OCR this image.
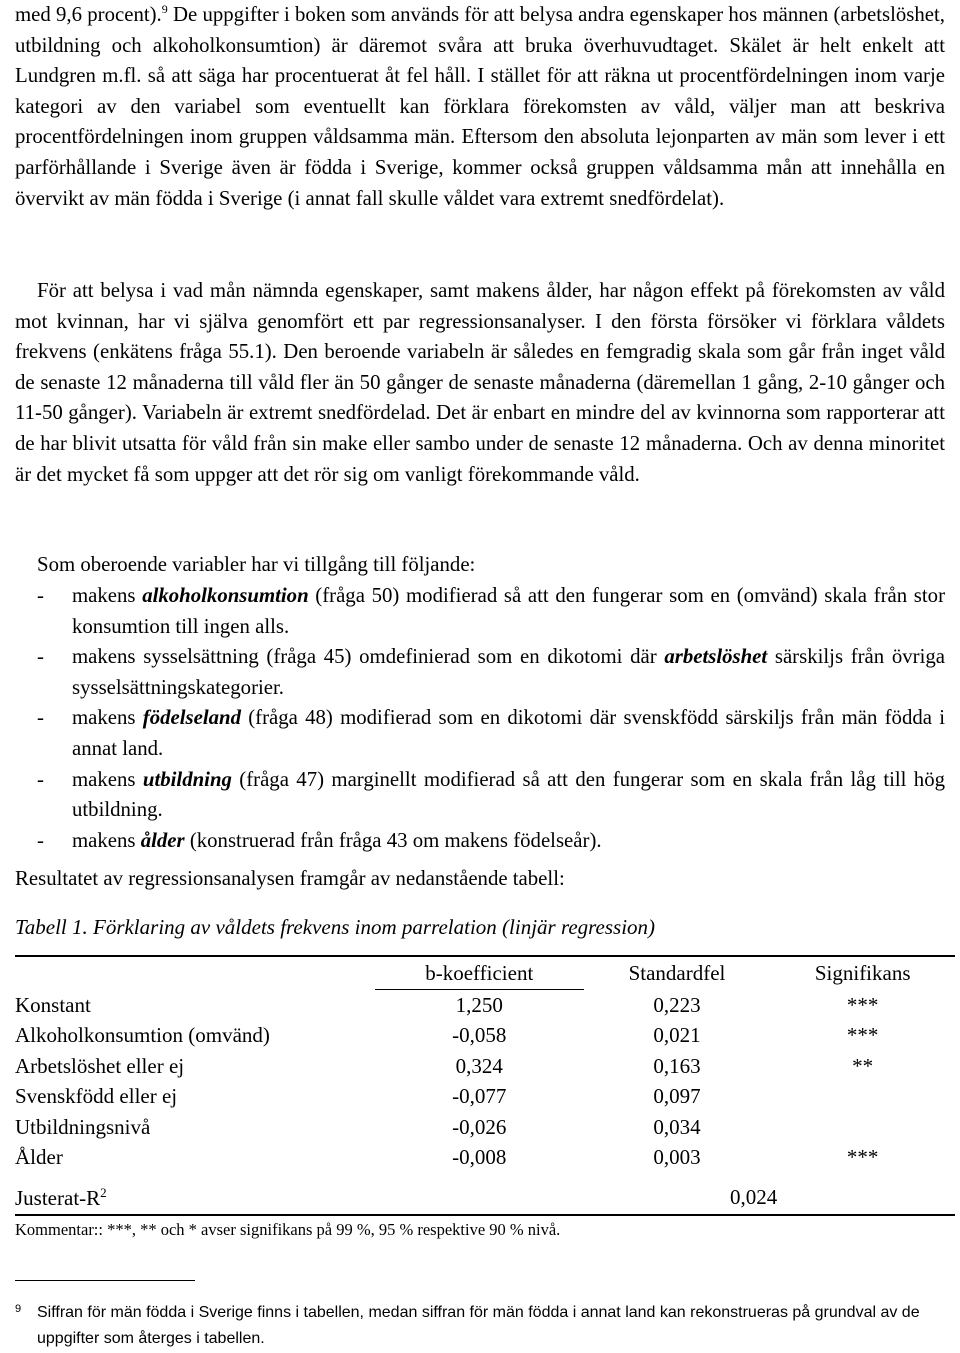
med 9,6 procent).$^9$ De uppgifter i boken som används för att belysa andra egenskaper hos männen (arbetslöshet, utbildning och alkoholkonsumtion) är däremot svåra att bruka överhuvudtaget. Skälet är helt enkelt att Lundgren m.fl. så att säga har procentuerat åt fel håll. I stället för att räkna ut procentfördelningen inom varje kategori av den variabel som eventuellt kan förklara förekomsten av våld, väljer man att beskriva procentfördelningen inom gruppen våldsamma män. Eftersom den absoluta lejonparten av män som lever i ett parförhållande i Sverige även är födda i Sverige, kommer också gruppen våldsamma mån att innehålla en övervikt av män födda i Sverige (i annat fall skulle våldet vara extremt snedfördelat).

För att belysa i vad mån nämnda egenskaper, samt makens ålder, har någon effekt på förekomsten av våld mot kvinnan, har vi själva genomfört ett par regressionsanalyser. I den första försöker vi förklara våldets frekvens (enkätens fråga 55.1). Den beroende variabeln är således en femgradig skala som går från inget våld de senaste 12 månaderna till våld fler än 50 gånger de senaste månaderna (däremellan 1 gång, 2-10 gånger och 11-50 gånger). Variabeln är extremt snedfördelad. Det är enbart en mindre del av kvinnorna som rapporterar att de har blivit utsatta för våld från sin make eller sambo under de senaste 12 månaderna. Och av denna minoritet är det mycket få som uppger att det rör sig om vanligt förekommande våld.

Som oberoende variabler har vi tillgång till följande:

- makens alkoholkonsumtion (fråga 50) modifierad så att den fungerar som en (omvänd) skala från stor konsumtion till ingen alls.
- makens sysselsättning (fråga 45) omdefinierad som en dikotomi där arbetslöshet särskiljs från övriga sysselsättningskategorier.
- makens födelseland (fråga 48) modifierad som en dikotomi där svenskfödd särskiljs från män födda i annat land.
- makens utbildning (fråga 47) marginellt modifierad så att den fungerar som en skala från låg till hög utbildning.
- makens ålder (konstruerad från fråga 43 om makens födelseår).

Resultatet av regressionsanalysen framgår av nedanstående tabell:

Tabell 1. Förklaring av våldets frekvens inom parrelation (linjär regression)

	b-koefficient	Standardfel	Signifikans
Konstant	1,250	0,223	***
Alkoholkonsumtion (omvänd)	-0,058	0,021	***
Arbetslöshet eller ej	0,324	0,163	**
Svenskfödd eller ej	-0,077	0,097	
Utbildningsnivå	-0,026	0,034	
Ålder	-0,008	0,003	***
Justerat-$R^2$	0,024
Kommentar:: ***, ** och * avser signifikans på 99 %, 95 % respektive 90 % nivå.
9 Siffran för män födda i Sverige finns i tabellen, medan siffran för män födda i annat land kan rekonstrueras på grundval av de uppgifter som återges i tabellen.
